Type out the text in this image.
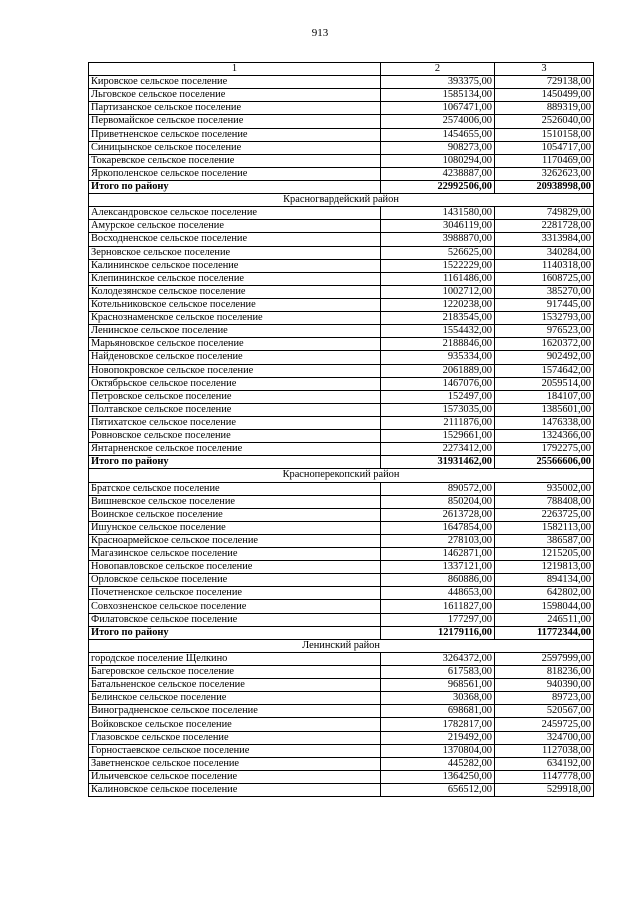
913
1	2	3
Кировское сельское поселение	393375,00	729138,00
Льговское сельское поселение	1585134,00	1450499,00
Партизанское сельское поселение	1067471,00	889319,00
Первомайское сельское поселение	2574006,00	2526040,00
Приветненское сельское поселение	1454655,00	1510158,00
Синицынское сельское поселение	908273,00	1054717,00
Токаревское сельское поселение	1080294,00	1170469,00
Яркополенское сельское поселение	4238887,00	3262623,00
Итого по району	22992506,00	20938998,00
Красногвардейский район		
Александровское сельское поселение	1431580,00	749829,00
Амурское сельское поселение	3046119,00	2281728,00
Восходненское сельское поселение	3988870,00	3313984,00
Зерновское сельское поселение	526625,00	340284,00
Калининское сельское поселение	1522229,00	1140318,00
Клепининское сельское поселение	1161486,00	1608725,00
Колодезянское сельское поселение	1002712,00	385270,00
Котельниковское сельское поселение	1220238,00	917445,00
Краснознаменское сельское поселение	2183545,00	1532793,00
Ленинское сельское поселение	1554432,00	976523,00
Марьяновское сельское поселение	2188846,00	1620372,00
Найденовское сельское поселение	935334,00	902492,00
Новопокровское сельское поселение	2061889,00	1574642,00
Октябрьское сельское поселение	1467076,00	2059514,00
Петровское сельское поселение	152497,00	184107,00
Полтавское сельское поселение	1573035,00	1385601,00
Пятихатское сельское поселение	2111876,00	1476338,00
Ровновское сельское поселение	1529661,00	1324366,00
Янтарненское сельское поселение	2273412,00	1792275,00
Итого по району	31931462,00	25566606,00
Красноперекопский район		
Братское сельское поселение	890572,00	935002,00
Вишневское сельское поселение	850204,00	788408,00
Воинское сельское поселение	2613728,00	2263725,00
Ишунское сельское поселение	1647854,00	1582113,00
Красноармейское сельское поселение	278103,00	386587,00
Магазинское сельское поселение	1462871,00	1215205,00
Новопавловское сельское поселение	1337121,00	1219813,00
Орловское сельское поселение	860886,00	894134,00
Почетненское сельское поселение	448653,00	642802,00
Совхозненское сельское поселение	1611827,00	1598044,00
Филатовское сельское поселение	177297,00	246511,00
Итого по району	12179116,00	11772344,00
Ленинский район		
городское поселение Щелкино	3264372,00	2597999,00
Багеровское сельское поселение	617583,00	818236,00
Батальненское сельское поселение	968561,00	940390,00
Белинское сельское поселение	30368,00	89723,00
Виноградненское сельское поселение	698681,00	520567,00
Войковское сельское поселение	1782817,00	2459725,00
Глазовское сельское поселение	219492,00	324700,00
Горностаевское сельское поселение	1370804,00	1127038,00
Заветненское сельское поселение	445282,00	634192,00
Ильичевское сельское поселение	1364250,00	1147778,00
Калиновское сельское поселение	656512,00	529918,00
